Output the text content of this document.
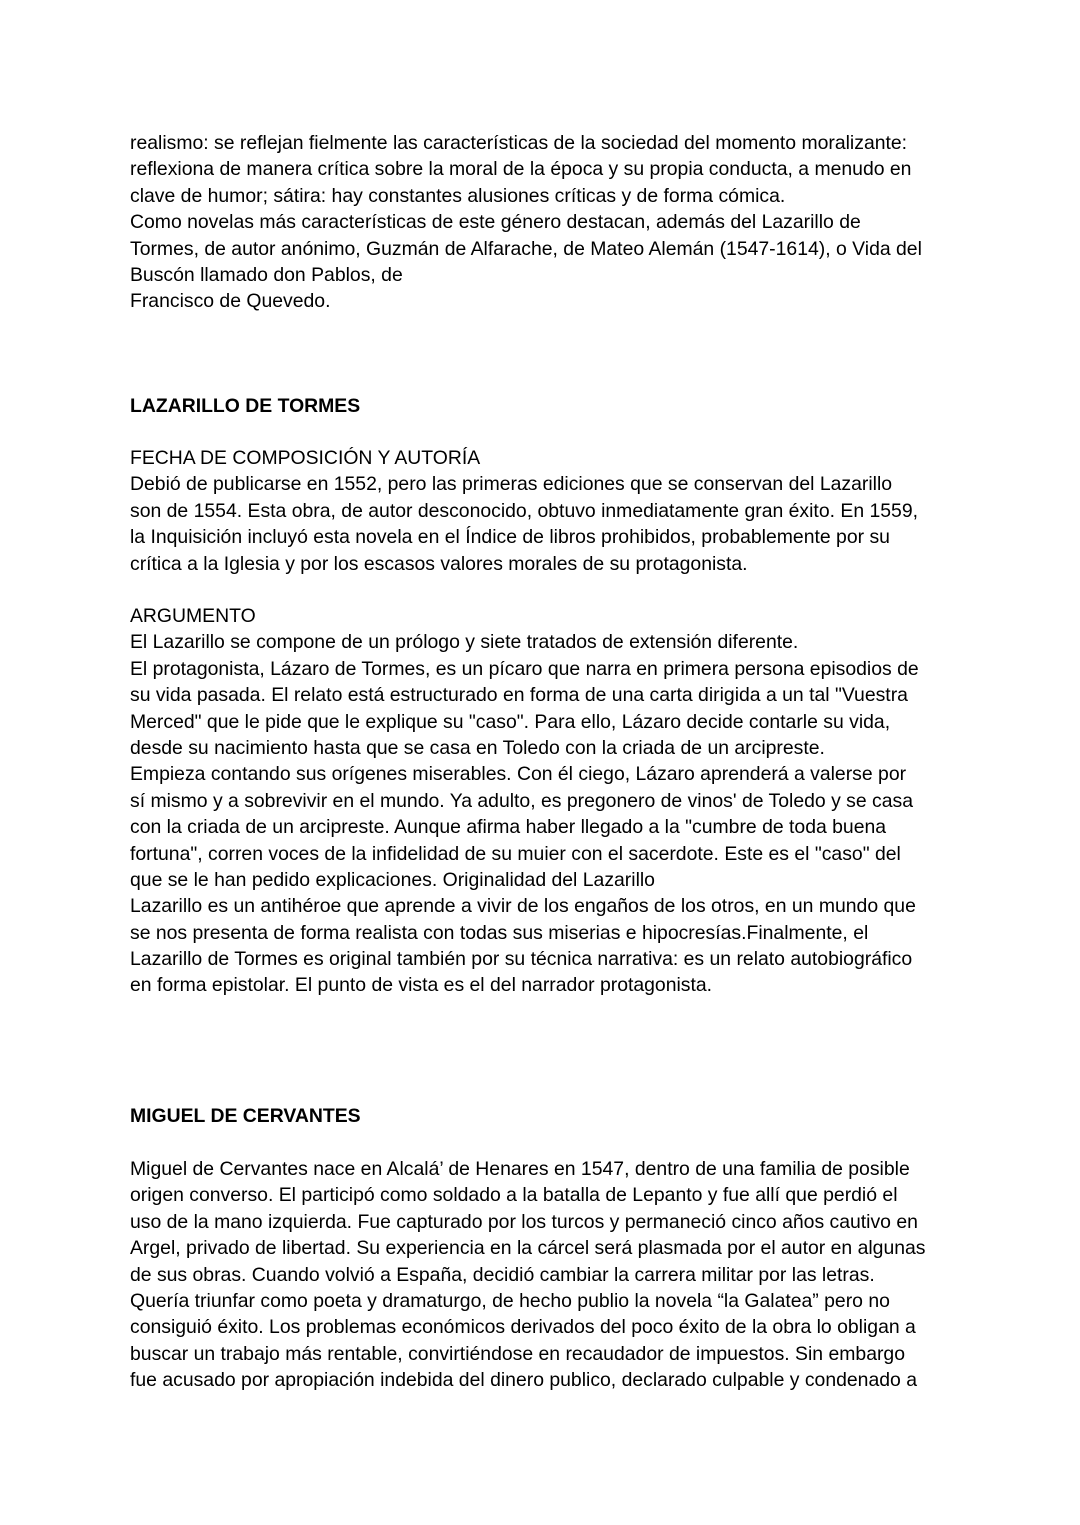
realismo: se reflejan fielmente las características de la sociedad del momento moralizante:
reflexiona de manera crítica sobre la moral de la época y su propia conducta, a menudo en
clave de humor; sátira: hay constantes alusiones críticas y de forma cómica.
Como novelas más características de este género destacan, además del Lazarillo de
Tormes, de autor anónimo, Guzmán de Alfarache, de Mateo Alemán (1547-1614), o Vida del
Buscón llamado don Pablos, de
Francisco de Quevedo.
LAZARILLO DE TORMES
FECHA DE COMPOSICIÓN Y AUTORÍA
Debió de publicarse en 1552, pero las primeras ediciones que se conservan del Lazarillo
son de 1554. Esta obra, de autor desconocido, obtuvo inmediatamente gran éxito. En 1559,
la Inquisición incluyó esta novela en el Índice de libros prohibidos, probablemente por su
crítica a la Iglesia y por los escasos valores morales de su protagonista.
ARGUMENTO
El Lazarillo se compone de un prólogo y siete tratados de extensión diferente.
El protagonista, Lázaro de Tormes, es un pícaro que narra en primera persona episodios de
su vida pasada. El relato está estructurado en forma de una carta dirigida a un tal "Vuestra
Merced" que le pide que le explique su "caso". Para ello, Lázaro decide contarle su vida,
desde su nacimiento hasta que se casa en Toledo con la criada de un arcipreste.
Empieza contando sus orígenes miserables. Con él ciego, Lázaro aprenderá a valerse por
sí mismo y a sobrevivir en el mundo. Ya adulto, es pregonero de vinos' de Toledo y se casa
con la criada de un arcipreste. Aunque afirma haber llegado a la "cumbre de toda buena
fortuna", corren voces de la infidelidad de su muier con el sacerdote. Este es el "caso" del
que se le han pedido explicaciones. Originalidad del Lazarillo
Lazarillo es un antihéroe que aprende a vivir de los engaños de los otros, en un mundo que
se nos presenta de forma realista con todas sus miserias e hipocresías.Finalmente, el
Lazarillo de Tormes es original también por su técnica narrativa: es un relato autobiográfico
en forma epistolar. El punto de vista es el del narrador protagonista.
MIGUEL DE CERVANTES
Miguel de Cervantes nace en Alcalá’ de Henares en 1547, dentro de una familia de posible
origen converso. El participó como soldado a la batalla de Lepanto y fue allí que perdió el
uso de la mano izquierda. Fue capturado por los turcos y permaneció cinco años cautivo en
Argel, privado de libertad. Su experiencia en la cárcel será plasmada por el autor en algunas
de sus obras. Cuando volvió a España, decidió cambiar la carrera militar por las letras.
Quería triunfar como poeta y dramaturgo, de hecho publio la novela “la Galatea” pero no
consiguió éxito. Los problemas económicos derivados del poco éxito de la obra lo obligan a
buscar un trabajo más rentable, convirtiéndose en recaudador de impuestos. Sin embargo
fue acusado por apropiación indebida del dinero publico, declarado culpable y condenado a
